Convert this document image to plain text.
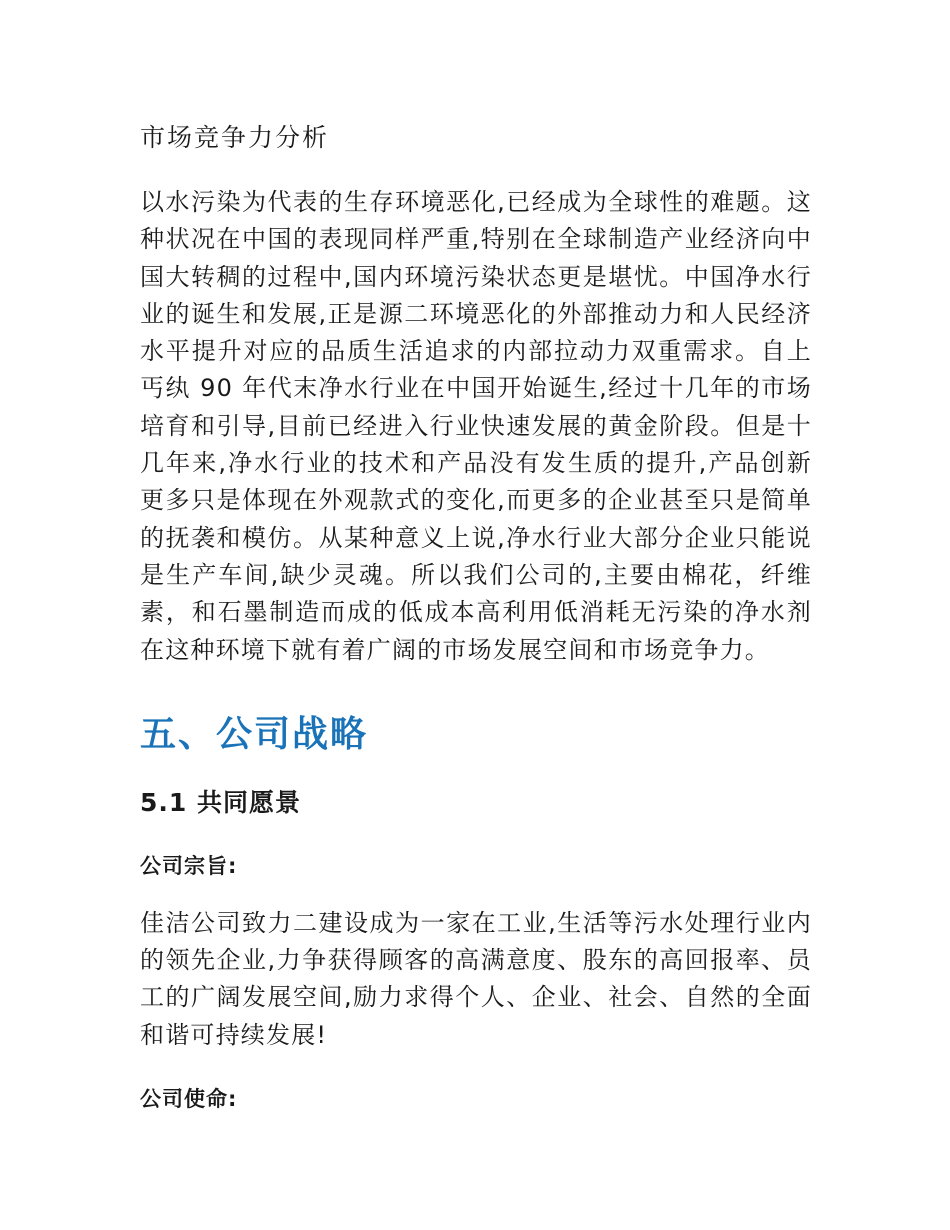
市场竞争力分析

以水污染为代表的生存环境恶化,已经成为全球性的难题。这种状况在中国的表现同样严重,特别在全球制造产业经济向中国大转稠的过程中,国内环境污染状态更是堪忧。中国净水行业的诞生和发展,正是源二环境恶化的外部推动力和人民经济水平提升对应的品质生活追求的内部拉动力双重需求。自上丐纨 90 年代末净水行业在中国开始诞生,经过十几年的市场培育和引导,目前已经进入行业快速发展的黄金阶段。但是十几年来,净水行业的技术和产品没有发生质的提升,产品创新更多只是体现在外观款式的变化,而更多的企业甚至只是简单的抚袭和模仿。从某种意义上说,净水行业大部分企业只能说是生产车间,缺少灵魂。所以我们公司的,主要由棉花，纤维素，和石墨制造而成的低成本高利用低消耗无污染的净水剂在这种环境下就有着广阔的市场发展空间和市场竞争力。

五、公司战略
5.1 共同愿景
公司宗旨:

佳洁公司致力二建设成为一家在工业,生活等污水处理行业内的领先企业,力争获得顾客的高满意度、股东的高回报率、员工的广阔发展空间,励力求得个人、企业、社会、自然的全面和谐可持续发展!

公司使命:
